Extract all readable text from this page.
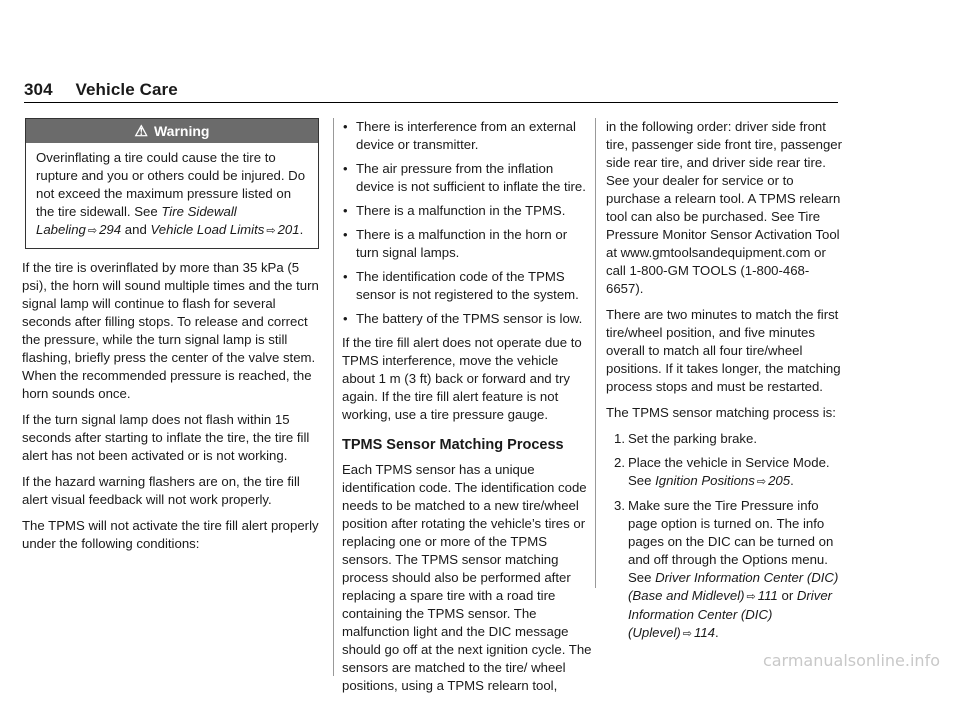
304 Vehicle Care
⚠ Warning
Overinflating a tire could cause the tire to rupture and you or others could be injured. Do not exceed the maximum pressure listed on the tire sidewall. See Tire Sidewall Labeling ⇨ 294 and Vehicle Load Limits ⇨ 201.

If the tire is overinflated by more than 35 kPa (5 psi), the horn will sound multiple times and the turn signal lamp will continue to flash for several seconds after filling stops. To release and correct the pressure, while the turn signal lamp is still flashing, briefly press the center of the valve stem. When the recommended pressure is reached, the horn sounds once.

If the turn signal lamp does not flash within 15 seconds after starting to inflate the tire, the tire fill alert has not been activated or is not working.

If the hazard warning flashers are on, the tire fill alert visual feedback will not work properly.

The TPMS will not activate the tire fill alert properly under the following conditions:

• There is interference from an external device or transmitter.
• The air pressure from the inflation device is not sufficient to inflate the tire.
• There is a malfunction in the TPMS.
• There is a malfunction in the horn or turn signal lamps.
• The identification code of the TPMS sensor is not registered to the system.
• The battery of the TPMS sensor is low.

If the tire fill alert does not operate due to TPMS interference, move the vehicle about 1 m (3 ft) back or forward and try again. If the tire fill alert feature is not working, use a tire pressure gauge.

TPMS Sensor Matching Process

Each TPMS sensor has a unique identification code. The identification code needs to be matched to a new tire/wheel position after rotating the vehicle’s tires or replacing one or more of the TPMS sensors. The TPMS sensor matching process should also be performed after replacing a spare tire with a road tire containing the TPMS sensor. The malfunction light and the DIC message should go off at the next ignition cycle. The sensors are matched to the tire/ wheel positions, using a TPMS relearn tool,

in the following order: driver side front tire, passenger side front tire, passenger side rear tire, and driver side rear tire. See your dealer for service or to purchase a relearn tool. A TPMS relearn tool can also be purchased. See Tire Pressure Monitor Sensor Activation Tool at www.gmtoolsandequipment.com or call 1-800-GM TOOLS (1-800-468-6657).

There are two minutes to match the first tire/wheel position, and five minutes overall to match all four tire/wheel positions. If it takes longer, the matching process stops and must be restarted.

The TPMS sensor matching process is:

1. Set the parking brake.
2. Place the vehicle in Service Mode. See Ignition Positions ⇨ 205.
3. Make sure the Tire Pressure info page option is turned on. The info pages on the DIC can be turned on and off through the Options menu. See Driver Information Center (DIC) (Base and Midlevel) ⇨ 111 or Driver Information Center (DIC) (Uplevel) ⇨ 114.
carmanualsonline.info
